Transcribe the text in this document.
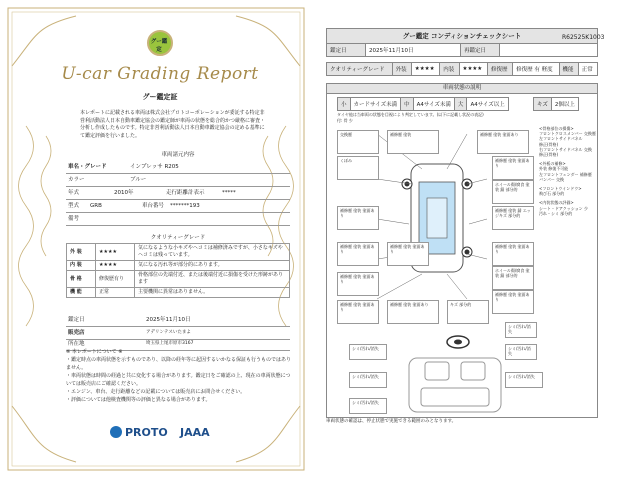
グー鑑定
U-car Grading Report
グー鑑定証
本レポートに記載される車両は株式会社プロトコーポレーションが委託する特定非営利活動法人日本自動車鑑定協会の鑑定師が車両の状態を総合的かつ厳格に審査・分析し作成したものです。特定非営利活動法人日本自動車鑑定協会の定める基準にて鑑定評価を行いました。
車両諸元内容
車名・グレード	インプレッサ R205
カラー	ブルー
年式	2010年	走行距離計表示	*****
型式 GRB	車台番号 *******193
備考
クオリティーグレード
外 装	★★★★	気になるような小キズやヘコミは補修済みですが、小さなキズやヘコミは残っています。
内 装	★★★★	気になる汚れ等が部分的にあります。
骨 格	修復歴有り	骨格部位の先端付近、または後端付近に損傷を受けた形跡があります
機 能	正常	主要機関に異常はありません。
鑑定日	2025年11月10日
販売店	アデリンテスいたまよ
所在地	埼玉県上尾市原市3167
※ 本レポートについて ※
・鑑定時点の車両状態を示すものであり、以降の経年等に起因するいかなる保証も行うものではありません。
・車両状態は時間の経過と共に変化する場合があります。鑑定日をご確認の上、現在の車両状態については販売店にご確認ください。
・エンジン、車台、走行距離などの記載については販売店にお問合せください。
・評価については他検査機関等の評価と異なる場合があります。
PROTO JAAA
グー鑑定 コンディションチェックシート	R62525K1003
鑑定日	2025年11月10日	再鑑定日	
クオリティーグレード	外装	★★★★	内装	★★★★	修復歴	修復歴 有 軽度	機能	正常
車両状態の説明
小	カードサイズ未満	中	A4サイズ未満	大	A4サイズ以上	キズ	2個以上
タイヤ他は当車両の状態を目視により判定しています。(以下に記載し状況の表記)
付: 骨 少
交換歴	補修歴 塗装	補修歴 塗装 塗面あり
くぼみ	補修歴 塗装 塗面あり
ホイール傷/腐食 塗装 錆 部分的
補修歴 塗装 塗面あり
補修歴 塗装 錆 エッジキズ 部分的
補修歴 塗装 塗面あり
補修歴 塗装 塗面あり
補修歴 塗装 塗面あり
補修歴 塗装 塗面あり
ホイール傷/腐食 塗装 錆 部分的
補修歴 塗装 塗面あり
補修歴 塗装 塗面あり
補修歴 塗装 塗面あり	キズ 部分的
<骨格部位の損傷>
フロントクロスメンバー 交換歴
左フロントサイドパネル
修正(骨格)
右フロントサイドパネル 交換
修正(骨格)
<外板の補修>
外装 修復不可能
左フロントフェンダー 補修歴
バンパー 交換
<フロントウインドウ>
飛び石 部分的
<内装状態の評価>
シート・ドアクッション 少
汚れ・シミ 部分的
シミ/汚れ/消失
シミ/汚れ/消失	シミ/汚れ/消失
シミ/汚れ/消失	シミ/汚れ/消失
シミ/汚れ/消失
車両状態の確認は、停止状態で実施できる範囲のみとなります。
